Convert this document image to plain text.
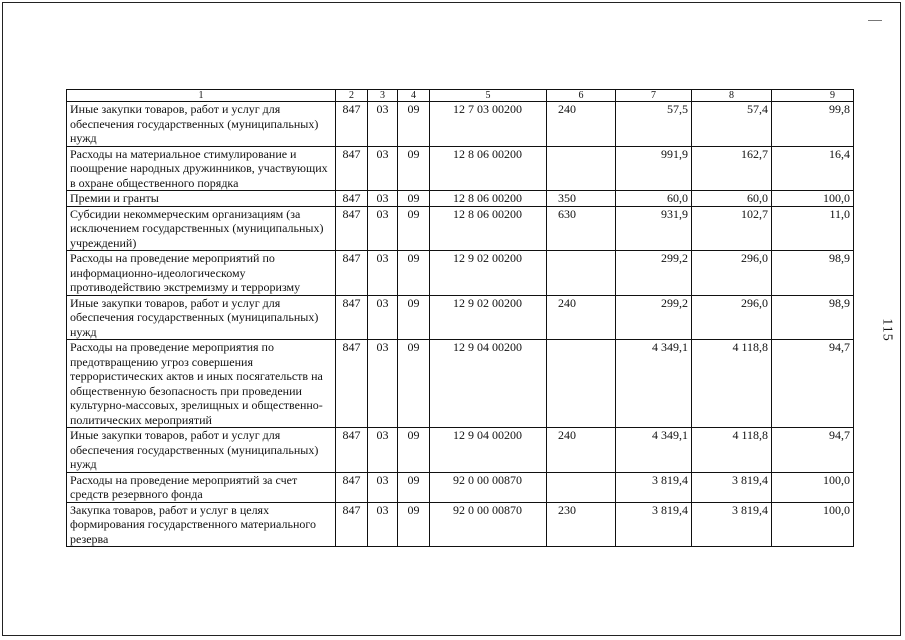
1	2	3	4	5	6	7	8	9
Иные закупки товаров, работ и услуг для обеспечения государственных (муниципальных) нужд	847	03	09	12 7 03 00200	240	57,5	57,4	99,8
Расходы на материальное стимулирование и поощрение народных дружинников, участвующих в охране общественного порядка	847	03	09	12 8 06 00200		991,9	162,7	16,4
Премии и гранты	847	03	09	12 8 06 00200	350	60,0	60,0	100,0
Субсидии некоммерческим организациям (за исключением государственных (муниципальных) учреждений)	847	03	09	12 8 06 00200	630	931,9	102,7	11,0
Расходы на проведение мероприятий по информационно-идеологическому противодействию экстремизму и терроризму	847	03	09	12 9 02 00200		299,2	296,0	98,9
Иные закупки товаров, работ и услуг для обеспечения государственных (муниципальных) нужд	847	03	09	12 9 02 00200	240	299,2	296,0	98,9
Расходы на проведение мероприятия по предотвращению угроз совершения террористических актов и иных посягательств на общественную безопасность при проведении культурно-массовых, зрелищных и общественно-политических мероприятий	847	03	09	12 9 04 00200		4 349,1	4 118,8	94,7
Иные закупки товаров, работ и услуг для обеспечения государственных (муниципальных) нужд	847	03	09	12 9 04 00200	240	4 349,1	4 118,8	94,7
Расходы на проведение мероприятий за счет средств резервного фонда	847	03	09	92 0 00 00870		3 819,4	3 819,4	100,0
Закупка товаров, работ и услуг в целях формирования государственного материального резерва	847	03	09	92 0 00 00870	230	3 819,4	3 819,4	100,0
115
